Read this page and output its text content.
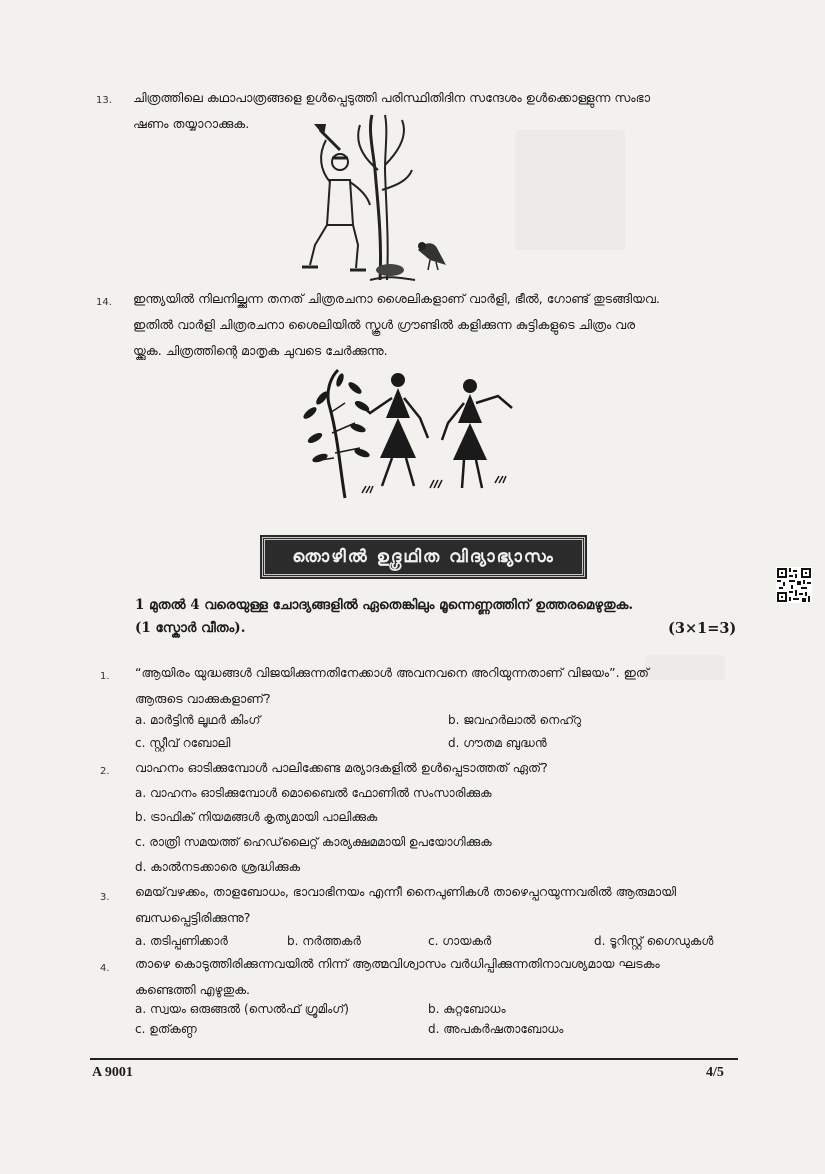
13. ചിത്രത്തിലെ കഥാപാത്രങ്ങളെ ഉൾപ്പെടുത്തി പരിസ്ഥിതിദിന സന്ദേശം ഉൾക്കൊള്ളുന്ന സംഭാ
ഷണം തയ്യാറാക്കുക.
14. ഇന്ത്യയിൽ നിലനില്ക്കുന്ന തനത് ചിത്രരചനാ ശൈലികളാണ് വാർളി, ഭീൽ, ഗോണ്ട് തുടങ്ങിയവ.
ഇതിൽ വാർളി ചിത്രരചനാ ശൈലിയിൽ സ്കൂൾ ഗ്രൗണ്ടിൽ കളിക്കുന്ന കുട്ടികളുടെ ചിത്രം വര
യ്ക്കുക. ചിത്രത്തിന്റെ മാതൃക ചുവടെ ചേർക്കുന്നു.
തൊഴിൽ ഉദ്ഗ്രഥിത വിദ്യാഭ്യാസം
1 മുതൽ 4 വരെയുള്ള ചോദ്യങ്ങളിൽ ഏതെങ്കിലും മൂന്നെണ്ണത്തിന് ഉത്തരമെഴുതുക.
(1 സ്കോർ വീതം).	(3×1=3)
1. “ആയിരം യുദ്ധങ്ങൾ വിജയിക്കുന്നതിനേക്കാൾ അവനവനെ അറിയുന്നതാണ് വിജയം”. ഇത്
ആരുടെ വാക്കുകളാണ്?
a. മാർട്ടിൻ ലൂഥർ കിംഗ്	b. ജവഹർലാൽ നെഹ്റു
c. സ്റ്റീവ് റബോലി	d. ഗൗതമ ബുദ്ധൻ
2. വാഹനം ഓടിക്കുമ്പോൾ പാലിക്കേണ്ട മര്യാദകളിൽ ഉൾപ്പെടാത്തത് ഏത്?
a. വാഹനം ഓടിക്കുമ്പോൾ മൊബൈൽ ഫോണിൽ സംസാരിക്കുക
b. ട്രാഫിക് നിയമങ്ങൾ കൃത്യമായി പാലിക്കുക
c. രാത്രി സമയത്ത് ഹെഡ്‌ലൈറ്റ് കാര്യക്ഷമമായി ഉപയോഗിക്കുക
d. കാൽനടക്കാരെ ശ്രദ്ധിക്കുക
3. മെയ്‌വഴക്കം, താളബോധം, ഭാവാഭിനയം എന്നീ നൈപുണികൾ താഴെപ്പറയുന്നവരിൽ ആരുമായി
ബന്ധപ്പെട്ടിരിക്കുന്നു?
a. തടിപ്പണിക്കാർ	b. നർത്തകർ	c. ഗായകർ	d. ടൂറിസ്റ്റ് ഗൈഡുകൾ
4. താഴെ കൊടുത്തിരിക്കുന്നവയിൽ നിന്ന് ആത്മവിശ്വാസം വർധിപ്പിക്കുന്നതിനാവശ്യമായ ഘടകം
കണ്ടെത്തി എഴുതുക.
a. സ്വയം ഒരുങ്ങൽ (സെൽഫ് ഗ്രൂമിംഗ്)	b. കുറ്റബോധം
c. ഉത്കണ്ഠ	d. അപകർഷതാബോധം
A 9001	4/5
